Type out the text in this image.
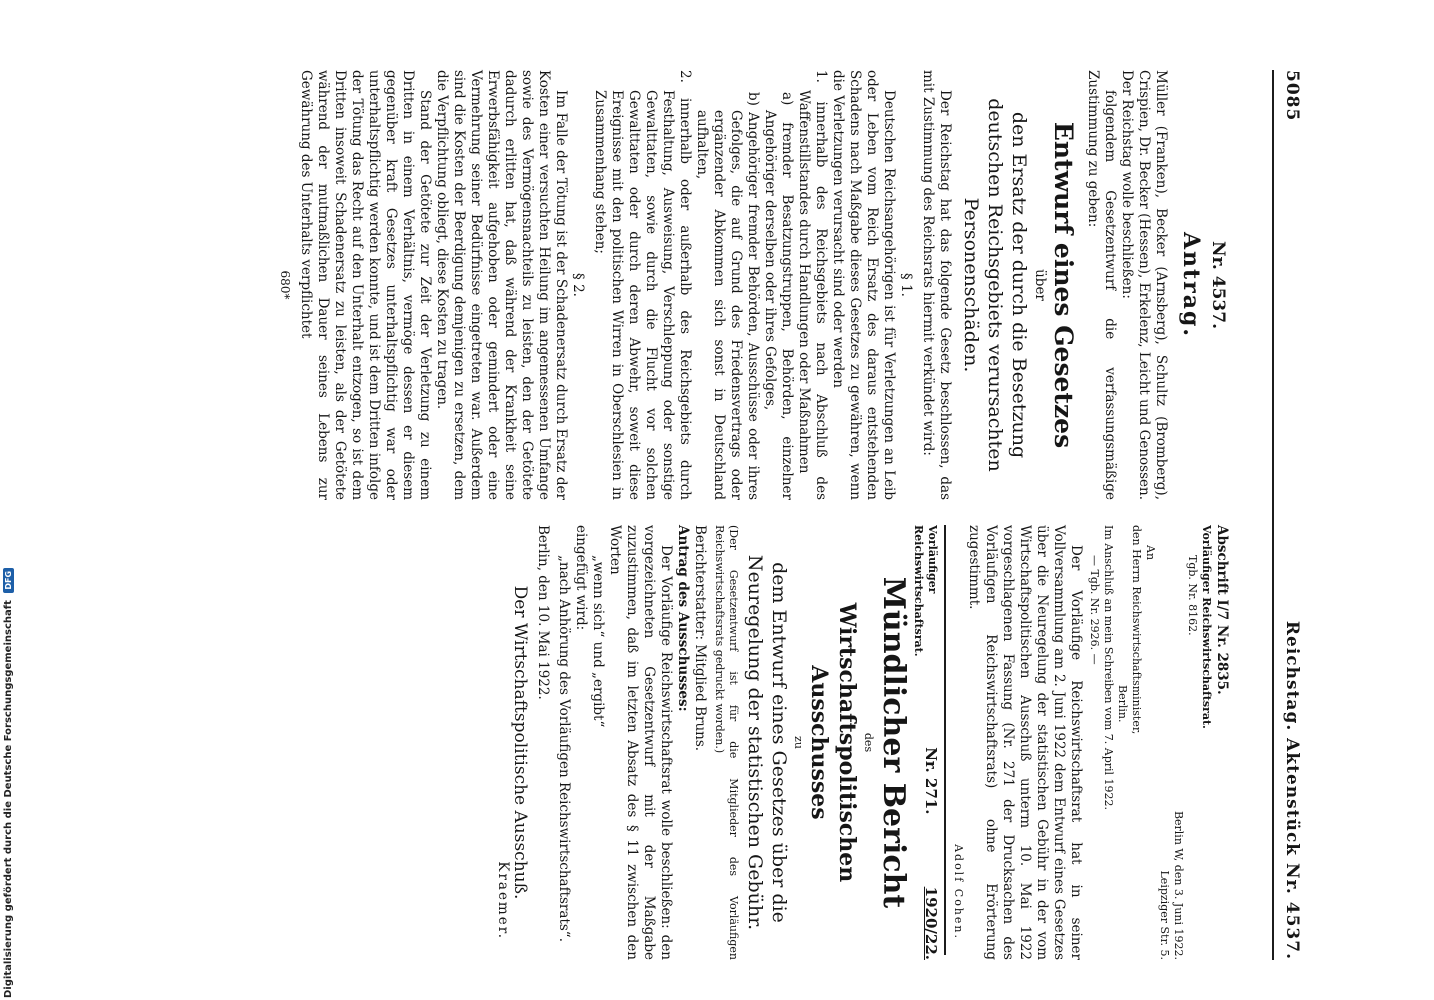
5085
Reichstag. Aktenstück Nr. 4537.

Nr. 4537.

Antrag.

Müller (Franken), Becker (Arnsberg), Schultz (Bromberg), Crispien, Dr. Becker (Hessen), Erkelenz, Leicht und Genossen. Der Reichstag wolle beschließen:

folgendem Gesetzentwurf die verfassungsmäßige Zustimmung zu geben:

Entwurf eines Gesetzes

über

den Ersatz der durch die Besetzung deutschen Reichsgebiets verursachten Personenschäden.

Der Reichstag hat das folgende Gesetz beschlossen, das mit Zustimmung des Reichsrats hiermit verkündet wird:

§ 1.

Deutschen Reichsangehörigen ist für Verletzungen an Leib oder Leben vom Reich Ersatz des daraus entstehenden Schadens nach Maßgabe dieses Gesetzes zu gewähren, wenn die Verletzungen verursacht sind oder werden

1. innerhalb des Reichsgebiets nach Abschluß des Waffenstillstandes durch Handlungen oder Maßnahmen

a) fremder Besatzungstruppen, Behörden, einzelner Angehöriger derselben oder ihres Gefolges,

b) Angehöriger fremder Behörden, Ausschüsse oder ihres Gefolges, die auf Grund des Friedensvertrags oder ergänzender Abkommen sich sonst in Deutschland aufhalten,

2. innerhalb oder außerhalb des Reichsgebiets durch Festhaltung, Ausweisung, Verschleppung oder sonstige Gewalttaten, sowie durch die Flucht vor solchen Gewalttaten oder durch deren Abwehr, soweit diese Ereignisse mit den politischen Wirren in Oberschlesien in Zusammenhang stehen;

§ 2.

Im Falle der Tötung ist der Schadenersatz durch Ersatz der Kosten einer versuchten Heilung im angemessenen Umfange sowie des Vermögensnachteils zu leisten, den der Getötete dadurch erlitten hat, daß während der Krankheit seine Erwerbsfähigkeit aufgehoben oder gemindert oder eine Vermehrung seiner Bedürfnisse eingetreten war. Außerdem sind die Kosten der Beerdigung demjenigen zu ersetzen, dem die Verpflichtung obliegt, diese Kosten zu tragen.

Stand der Getötete zur Zeit der Verletzung zu einem Dritten in einem Verhältnis, vermöge dessen er diesem gegenüber kraft Gesetzes unterhaltspflichtig war oder unterhaltspflichtig werden konnte, und ist dem Dritten infolge der Tötung das Recht auf den Unterhalt entzogen, so ist dem Dritten insoweit Schadenersatz zu leisten, als der Getötete während der mutmaßlichen Dauer seines Lebens zur Gewährung des Unterhalts verpflichtet

680*

Abschrift I/7 Nr. 2835.

Vorläufiger Reichswirtschaftsrat.

Tgb. Nr. 8162.

Berlin W, den 3. Juni 1922.

Leipziger Str. 5.

An

den Herrn Reichswirtschaftsminister,

Berlin.

Im Anschluß an mein Schreiben vom 7. April 1922.

— Tgb. Nr. 2926. —

Der Vorläufige Reichswirtschaftsrat hat in seiner Vollversammlung am 2. Juni 1922 dem Entwurf eines Gesetzes über die Neuregelung der statistischen Gebühr in der vom Wirtschaftspolitischen Ausschuß unterm 10. Mai 1922 vorgeschlagenen Fassung (Nr. 271 der Drucksachen des Vorläufigen Reichswirtschaftsrats) ohne Erörterung zugestimmt.

Adolf Cohen.

Vorläufiger Reichswirtschaftsrat.

Nr. 271.

1920/22.

Mündlicher Bericht

des

Wirtschaftspolitischen Ausschusses

zu

dem Entwurf eines Gesetzes über die Neuregelung der statistischen Gebühr.

(Der Gesetzentwurf ist für die Mitglieder des Vorläufigen Reichswirtschaftsrats gedruckt worden.)

Berichterstatter: Mitglied Bruns.

Antrag des Ausschusses:

Der Vorläufige Reichswirtschaftsrat wolle beschließen: den vorgezeichneten Gesetzentwurf mit der Maßgabe zuzustimmen, daß im letzten Absatz des § 11 zwischen den Worten

„wenn sich“ und „ergibt“

eingefügt wird:

„nach Anhörung des Vorläufigen Reichswirtschaftsrats“.

Berlin, den 10. Mai 1922.

Der Wirtschaftspolitische Ausschuß.

Kraemer.

Digitalisierung gefördert durch die Deutsche Forschungsgemeinschaft DFG
